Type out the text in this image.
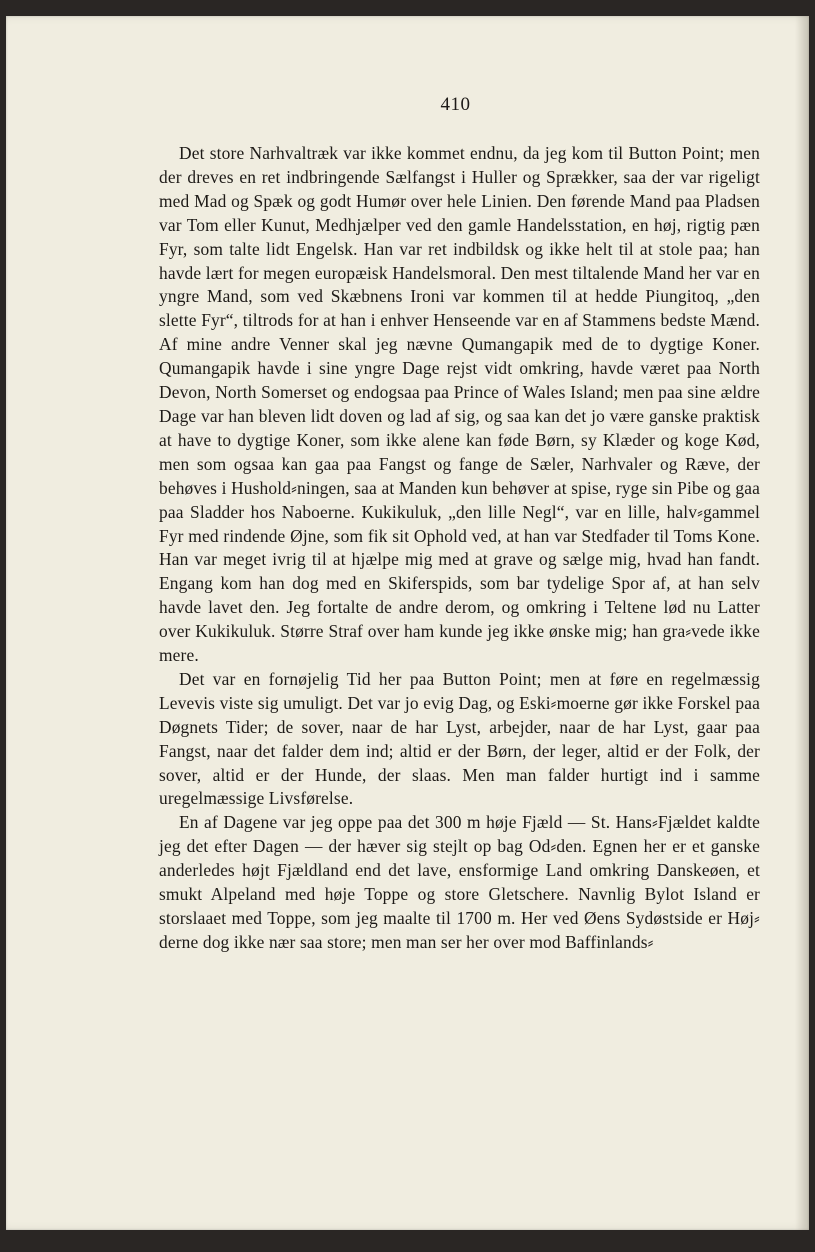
410

Det store Narhvaltræk var ikke kommet endnu, da jeg kom til Button Point; men der dreves en ret indbringende Sælfangst i Huller og Sprækker, saa der var rigeligt med Mad og Spæk og godt Humør over hele Linien. Den førende Mand paa Pladsen var Tom eller Kunut, Medhjælper ved den gamle Handelsstation, en høj, rigtig pæn Fyr, som talte lidt Engelsk. Han var ret indbildsk og ikke helt til at stole paa; han havde lært for megen europæisk Handelsmoral. Den mest tiltalende Mand her var en yngre Mand, som ved Skæbnens Ironi var kommen til at hedde Piungitoq, „den slette Fyr“, tiltrods for at han i enhver Henseende var en af Stammens bedste Mænd. Af mine andre Venner skal jeg nævne Qumangapik med de to dygtige Koner. Qumangapik havde i sine yngre Dage rejst vidt omkring, havde været paa North Devon, North Somerset og endogsaa paa Prince of Wales Island; men paa sine ældre Dage var han bleven lidt doven og lad af sig, og saa kan det jo være ganske praktisk at have to dygtige Koner, som ikke alene kan føde Børn, sy Klæder og koge Kød, men som ogsaa kan gaa paa Fangst og fange de Sæler, Narhvaler og Ræve, der behøves i Hushold⸗ningen, saa at Manden kun behøver at spise, ryge sin Pibe og gaa paa Sladder hos Naboerne. Kukikuluk, „den lille Negl“, var en lille, halv⸗gammel Fyr med rindende Øjne, som fik sit Ophold ved, at han var Stedfader til Toms Kone. Han var meget ivrig til at hjælpe mig med at grave og sælge mig, hvad han fandt. Engang kom han dog med en Skiferspids, som bar tydelige Spor af, at han selv havde lavet den. Jeg fortalte de andre derom, og omkring i Teltene lød nu Latter over Kukikuluk. Større Straf over ham kunde jeg ikke ønske mig; han gra⸗vede ikke mere.

Det var en fornøjelig Tid her paa Button Point; men at føre en regelmæssig Levevis viste sig umuligt. Det var jo evig Dag, og Eski⸗moerne gør ikke Forskel paa Døgnets Tider; de sover, naar de har Lyst, arbejder, naar de har Lyst, gaar paa Fangst, naar det falder dem ind; altid er der Børn, der leger, altid er der Folk, der sover, altid er der Hunde, der slaas. Men man falder hurtigt ind i samme uregelmæssige Livsførelse.

En af Dagene var jeg oppe paa det 300 m høje Fjæld — St. Hans⸗Fjældet kaldte jeg det efter Dagen — der hæver sig stejlt op bag Od⸗den. Egnen her er et ganske anderledes højt Fjældland end det lave, ensformige Land omkring Danskeøen, et smukt Alpeland med høje Toppe og store Gletschere. Navnlig Bylot Island er storslaaet med Toppe, som jeg maalte til 1700 m. Her ved Øens Sydøstside er Høj⸗derne dog ikke nær saa store; men man ser her over mod Baffinlands⸗
